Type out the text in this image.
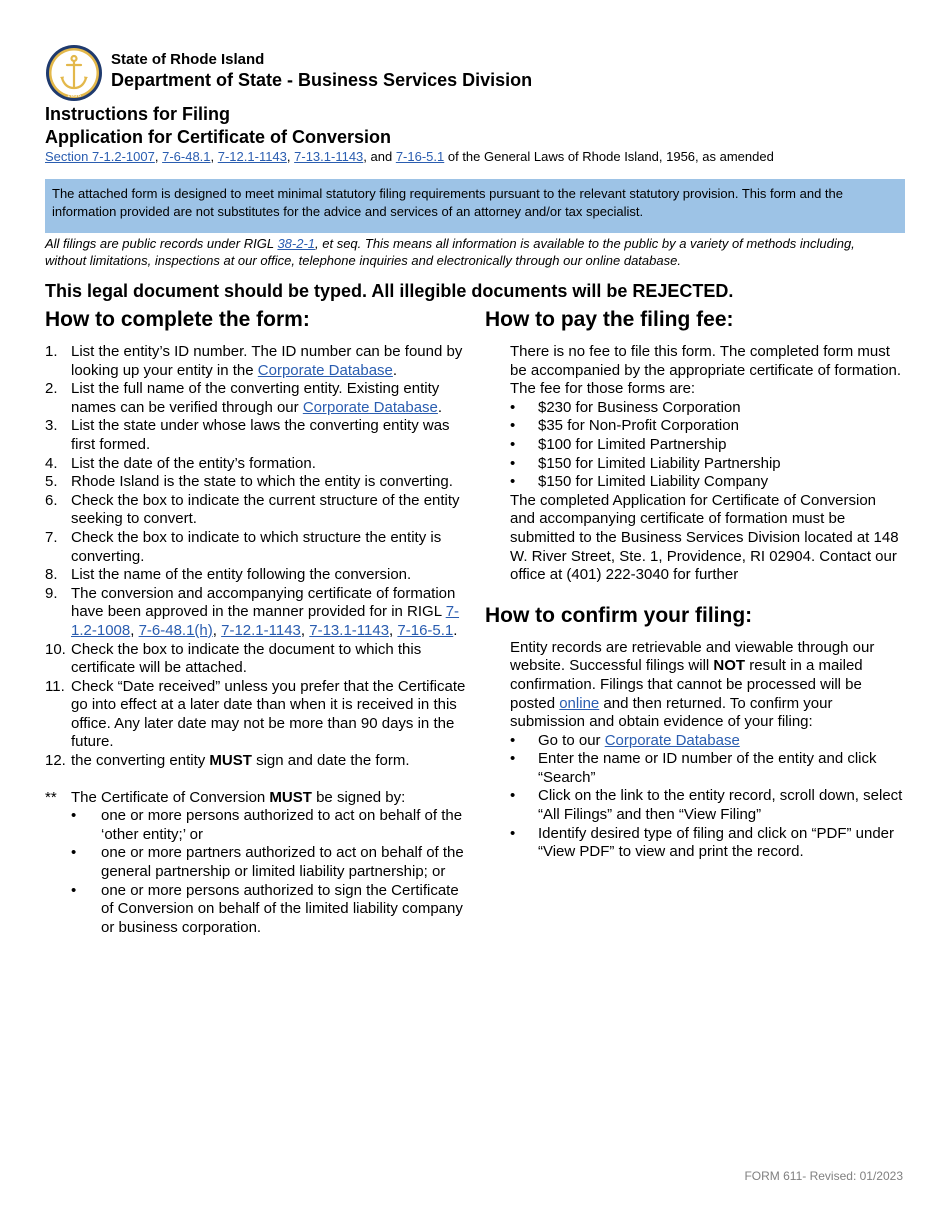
1636
State of Rhode Island
Department of State - Business Services Division
Instructions for Filing
Application for Certificate of Conversion
Section 7-1.2-1007, 7-6-48.1, 7-12.1-1143, 7-13.1-1143, and 7-16-5.1 of the General Laws of Rhode Island, 1956, as amended
The attached form is designed to meet minimal statutory filing requirements pursuant to the relevant statutory provision. This form and the information provided are not substitutes for the advice and services of an attorney and/or tax specialist.
All filings are public records under RIGL 38-2-1, et seq. This means all information is available to the public by a variety of methods including, without limitations, inspections at our office, telephone inquiries and electronically through our online database.
This legal document should be typed. All illegible documents will be REJECTED.
How to complete the form:
1. List the entity’s ID number. The ID number can be found by looking up your entity in the Corporate Database.
2. List the full name of the converting entity. Existing entity names can be verified through our Corporate Database.
3. List the state under whose laws the converting entity was first formed.
4. List the date of the entity’s formation.
5. Rhode Island is the state to which the entity is converting.
6. Check the box to indicate the current structure of the entity seeking to convert.
7. Check the box to indicate to which structure the entity is converting.
8. List the name of the entity following the conversion.
9. The conversion and accompanying certificate of formation have been approved in the manner provided for in RIGL 7-1.2-1008, 7-6-48.1(h), 7-12.1-1143, 7-13.1-1143, 7-16-5.1.
10. Check the box to indicate the document to which this certificate will be attached.
11. Check “Date received” unless you prefer that the Certificate go into effect at a later date than when it is received in this office. Any later date may not be more than 90 days in the future.
12. the converting entity MUST sign and date the form.
** The Certificate of Conversion MUST be signed by:
• one or more persons authorized to act on behalf of the ‘other entity;’ or
• one or more partners authorized to act on behalf of the general partnership or limited liability partnership; or
• one or more persons authorized to sign the Certificate of Conversion on behalf of the limited liability company or business corporation.
How to pay the filing fee:
There is no fee to file this form. The completed form must be accompanied by the appropriate certificate of formation. The fee for those forms are:
• $230 for Business Corporation
• $35 for Non-Profit Corporation
• $100 for Limited Partnership
• $150 for Limited Liability Partnership
• $150 for Limited Liability Company
The completed Application for Certificate of Conversion and accompanying certificate of formation must be submitted to the Business Services Division located at 148 W. River Street, Ste. 1, Providence, RI 02904. Contact our office at (401) 222-3040 for further
How to confirm your filing:
Entity records are retrievable and viewable through our website. Successful filings will NOT result in a mailed confirmation. Filings that cannot be processed will be posted online and then returned. To confirm your submission and obtain evidence of your filing:
• Go to our Corporate Database
• Enter the name or ID number of the entity and click “Search”
• Click on the link to the entity record, scroll down, select “All Filings” and then “View Filing”
• Identify desired type of filing and click on “PDF” under “View PDF” to view and print the record.
FORM 611- Revised: 01/2023
